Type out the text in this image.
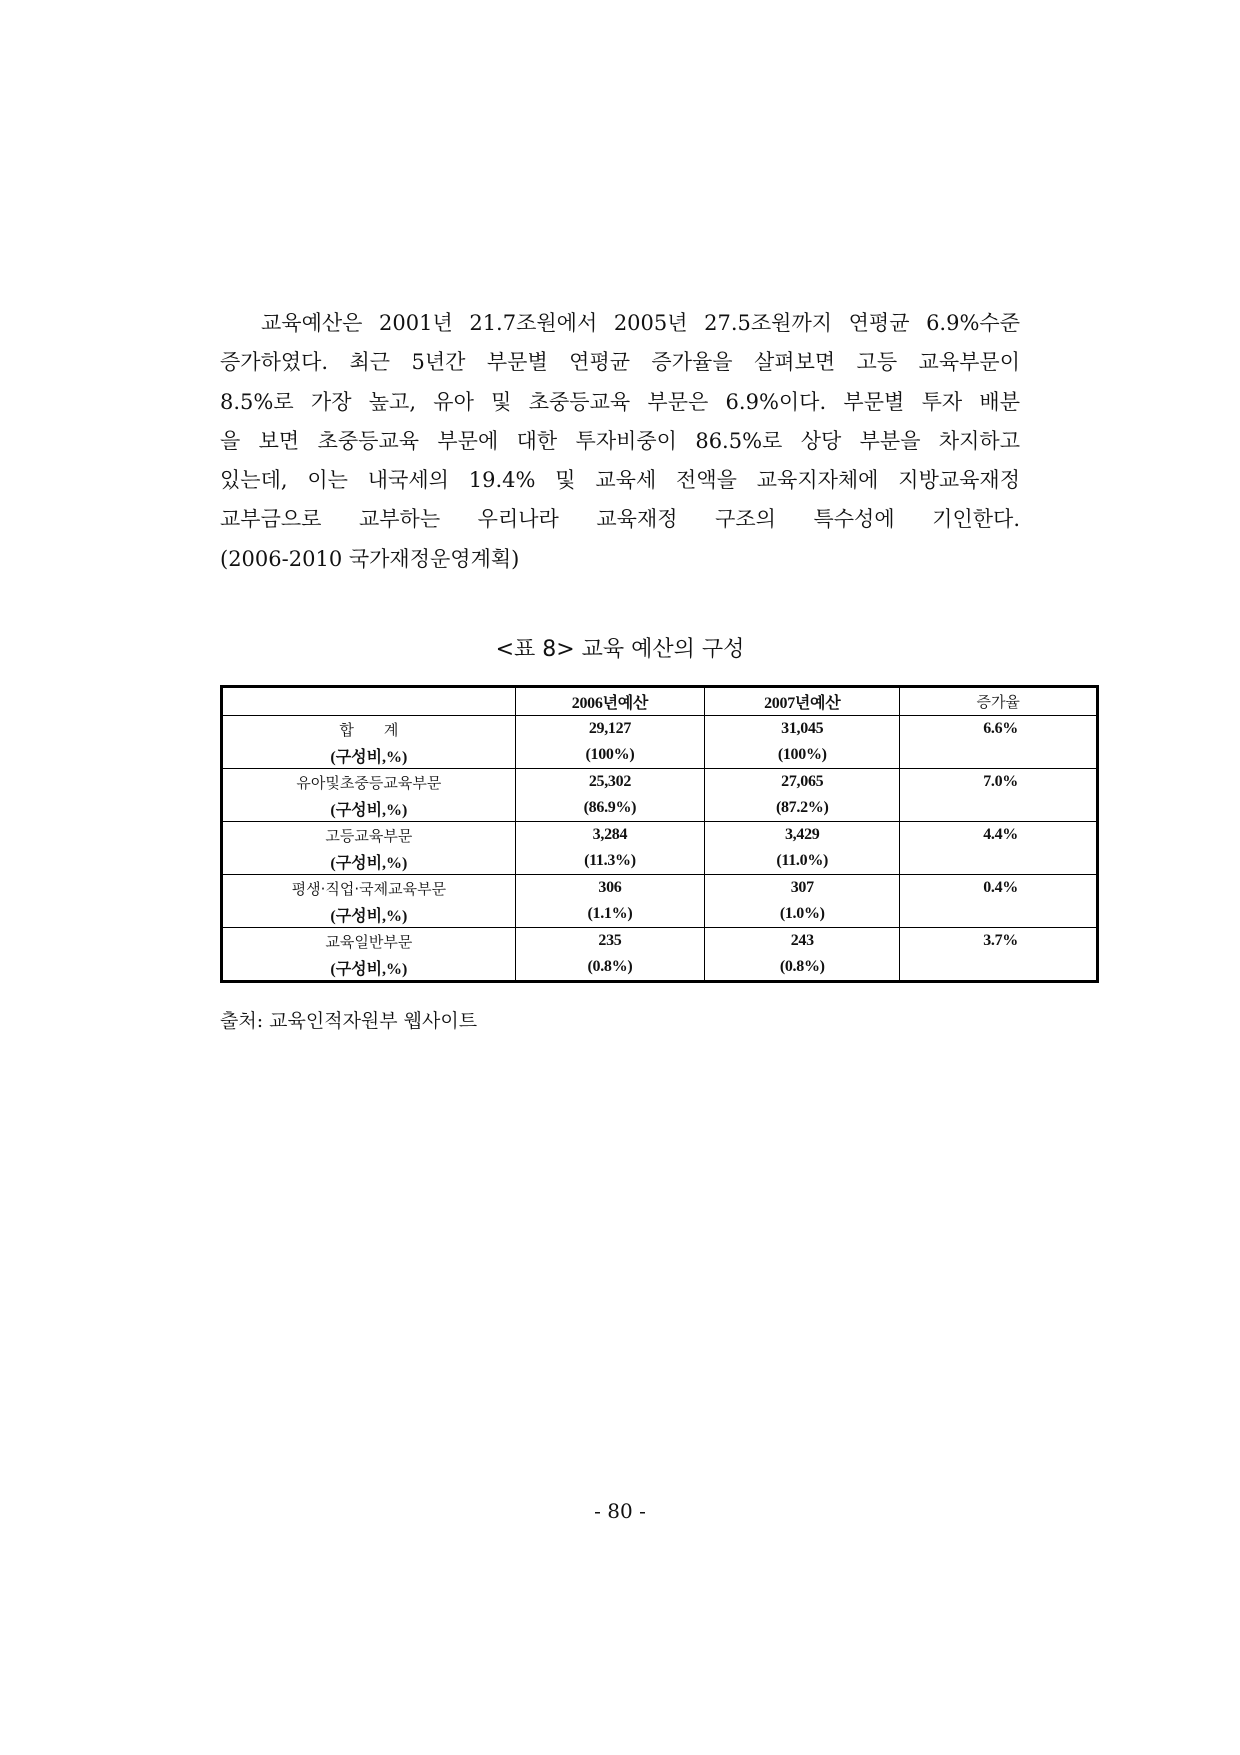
교육예산은 2001년 21.7조원에서 2005년 27.5조원까지 연평균 6.9%수준
증가하였다. 최근 5년간 부문별 연평균 증가율을 살펴보면 고등 교육부문이
8.5%로 가장 높고, 유아 및 초중등교육 부문은 6.9%이다. 부문별 투자 배분
을 보면 초중등교육 부문에 대한 투자비중이 86.5%로 상당 부분을 차지하고
있는데, 이는 내국세의 19.4% 및 교육세 전액을 교육지자체에 지방교육재정
교부금으로 교부하는 우리나라 교육재정 구조의 특수성에 기인한다.
(2006-2010 국가재정운영계획)
<표 8> 교육 예산의 구성
	2006년예산	2007년예산	증가율
합　　계	29,127	31,045	6.6%
(구성비,%)	(100%)	(100%)	
유아및초중등교육부문	25,302	27,065	7.0%
(구성비,%)	(86.9%)	(87.2%)	
고등교육부문	3,284	3,429	4.4%
(구성비,%)	(11.3%)	(11.0%)	
평생·직업·국제교육부문	306	307	0.4%
(구성비,%)	(1.1%)	(1.0%)	
교육일반부문	235	243	3.7%
(구성비,%)	(0.8%)	(0.8%)	
출처: 교육인적자원부 웹사이트
- 80 -
